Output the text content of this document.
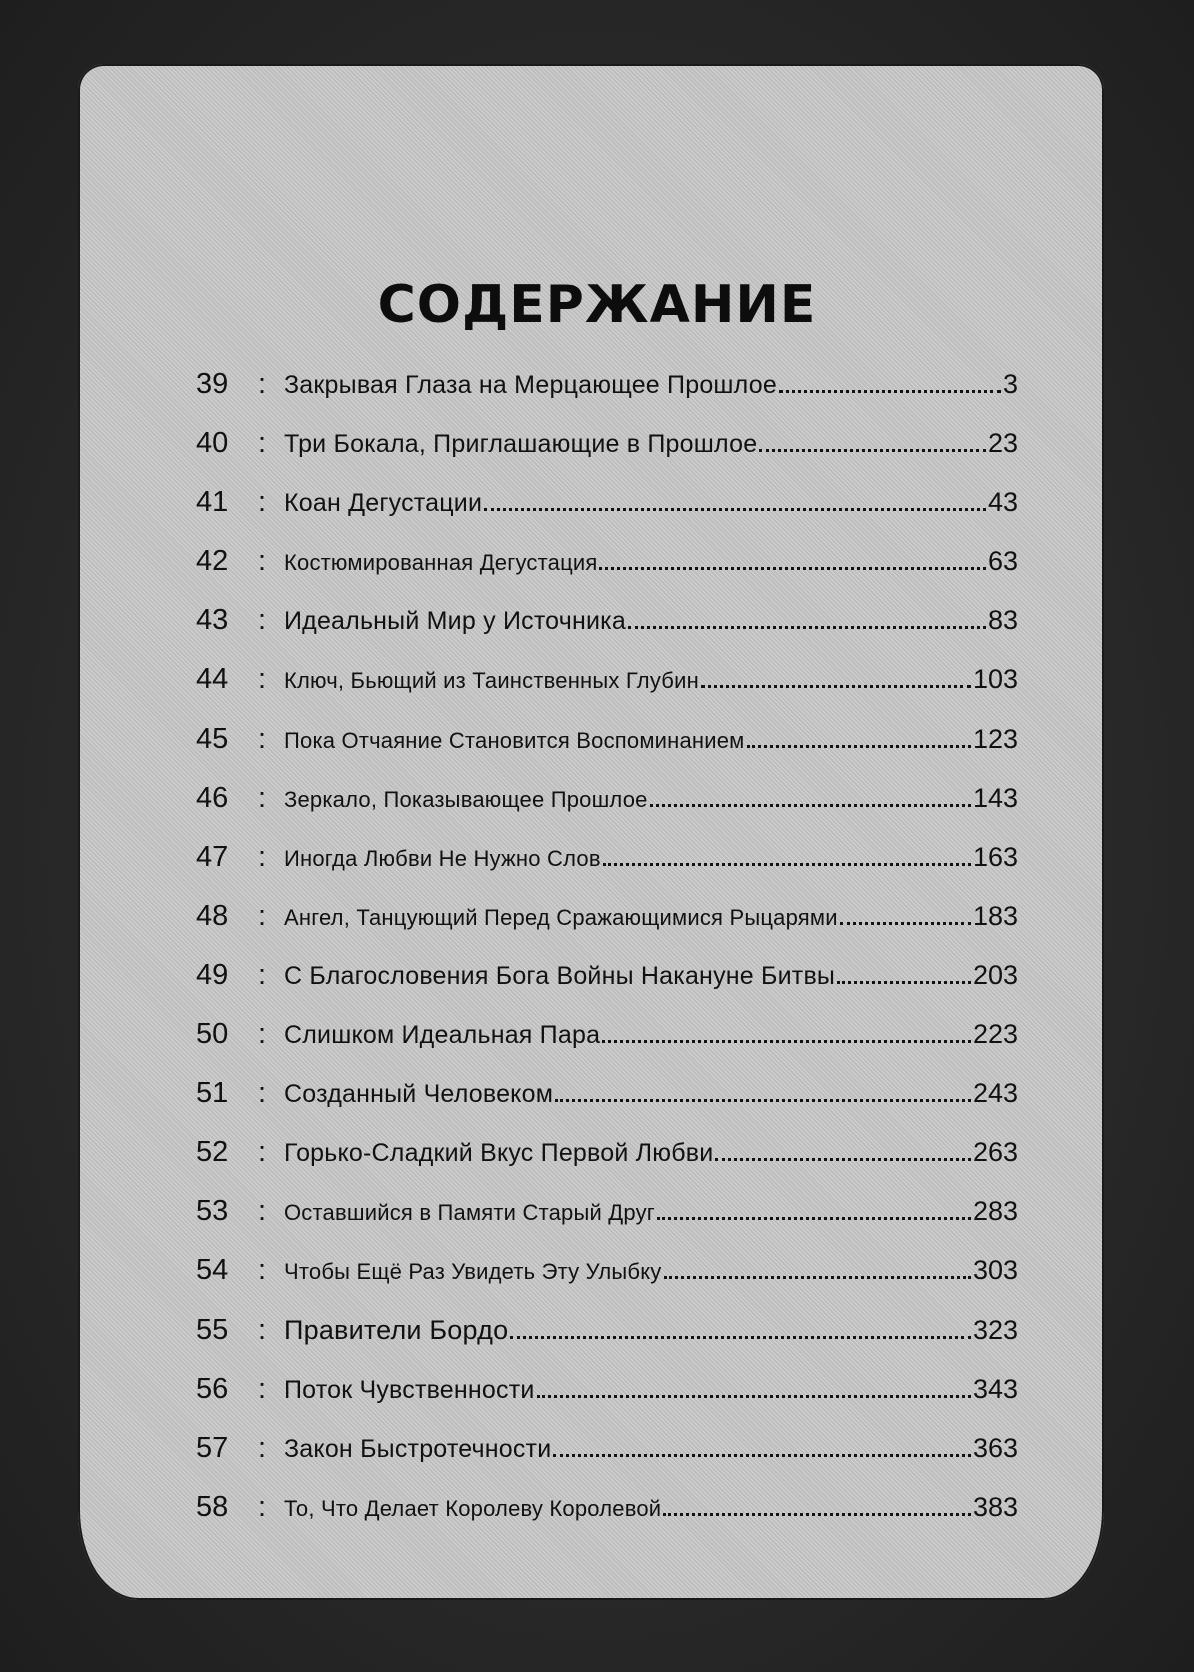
СОДЕРЖАНИЕ
39	: Закрывая Глаза на Мерцающее Прошлое	3
40	: Три Бокала, Приглашающие в Прошлое	23
41	: Коан Дегустации	43
42	: Костюмированная Дегустация	63
43	: Идеальный Мир у Источника	83
44	: Ключ, Бьющий из Таинственных Глубин	103
45	: Пока Отчаяние Становится Воспоминанием	123
46	: Зеркало, Показывающее Прошлое	143
47	: Иногда Любви Не Нужно Слов	163
48	: Ангел, Танцующий Перед Сражающимися Рыцарями	183
49	: С Благословения Бога Войны Накануне Битвы	203
50	: Слишком Идеальная Пара	223
51	: Созданный Человеком	243
52	: Горько-Сладкий Вкус Первой Любви	263
53	: Оставшийся в Памяти Старый Друг	283
54	: Чтобы Ещё Раз Увидеть Эту Улыбку	303
55	: Правители Бордо	323
56	: Поток Чувственности	343
57	: Закон Быстротечности	363
58	: То, Что Делает Королеву Королевой	383
